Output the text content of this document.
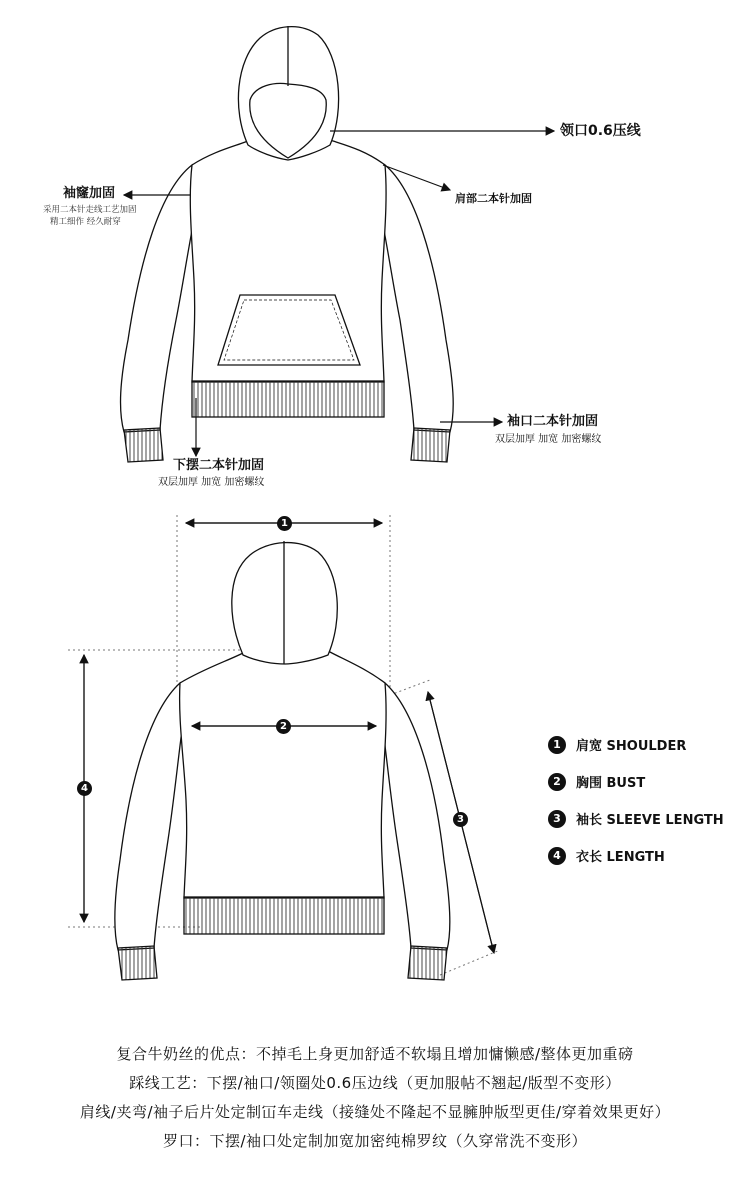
1
2
4
3
领口0.6压线
袖窿加固
采用二本针走线工艺加固
精工细作 经久耐穿
肩部二本针加固
袖口二本针加固
双层加厚 加宽 加密螺纹
下摆二本针加固
双层加厚 加宽 加密螺纹
1	肩宽 SHOULDER
2	胸围 BUST
3	袖长 SLEEVE LENGTH
4	衣长 LENGTH
复合牛奶丝的优点：不掉毛上身更加舒适不软塌且增加慵懒感/整体更加重磅
踩线工艺：下摆/袖口/领圈处0.6压边线（更加服帖不翘起/版型不变形）
肩线/夹弯/袖子后片处定制冚车走线（接缝处不隆起不显臃肿版型更佳/穿着效果更好）
罗口：下摆/袖口处定制加宽加密纯棉罗纹（久穿常洗不变形）
